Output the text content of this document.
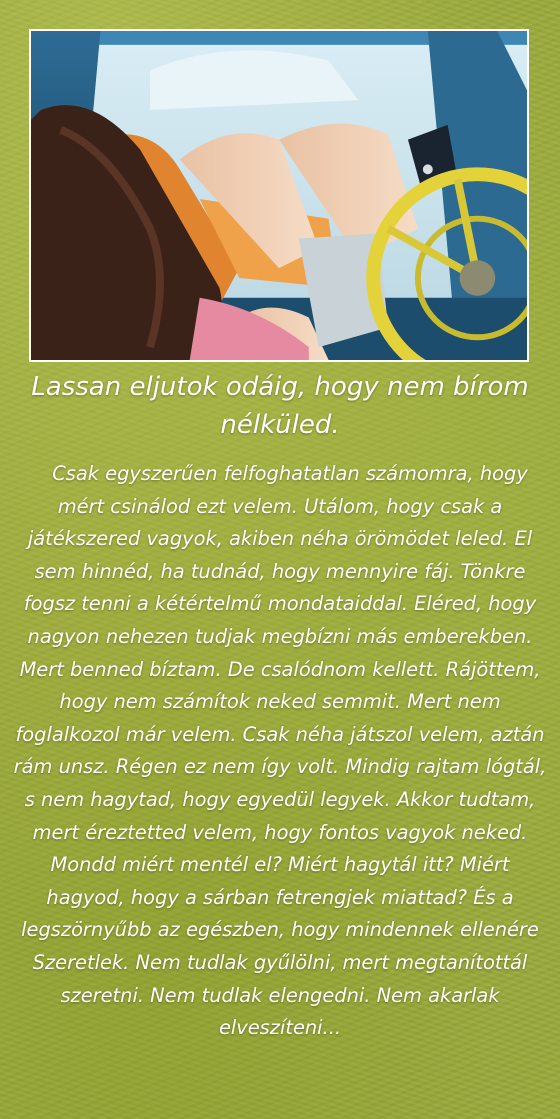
Lassan eljutok odáig, hogy nem bírom nélküled.
Csak egyszerűen felfoghatatlan számomra, hogy mért csinálod ezt velem. Utálom, hogy csak a játékszered vagyok, akiben néha örömödet leled. El sem hinnéd, ha tudnád, hogy mennyire fáj. Tönkre fogsz tenni a kétértelmű mondataiddal. Eléred, hogy nagyon nehezen tudjak megbízni más emberekben. Mert benned bíztam. De csalódnom kellett. Rájöttem, hogy nem számítok neked semmit. Mert nem foglalkozol már velem. Csak néha játszol velem, aztán rám unsz. Régen ez nem így volt. Mindig rajtam lógtál, s nem hagytad, hogy egyedül legyek. Akkor tudtam, mert éreztetted velem, hogy fontos vagyok neked. Mondd miért mentél el? Miért hagytál itt? Miért hagyod, hogy a sárban fetrengjek miattad? És a legszörnyűbb az egészben, hogy mindennek ellenére Szeretlek. Nem tudlak gyűlölni, mert megtanítottál szeretni. Nem tudlak elengedni. Nem akarlak elveszíteni...
